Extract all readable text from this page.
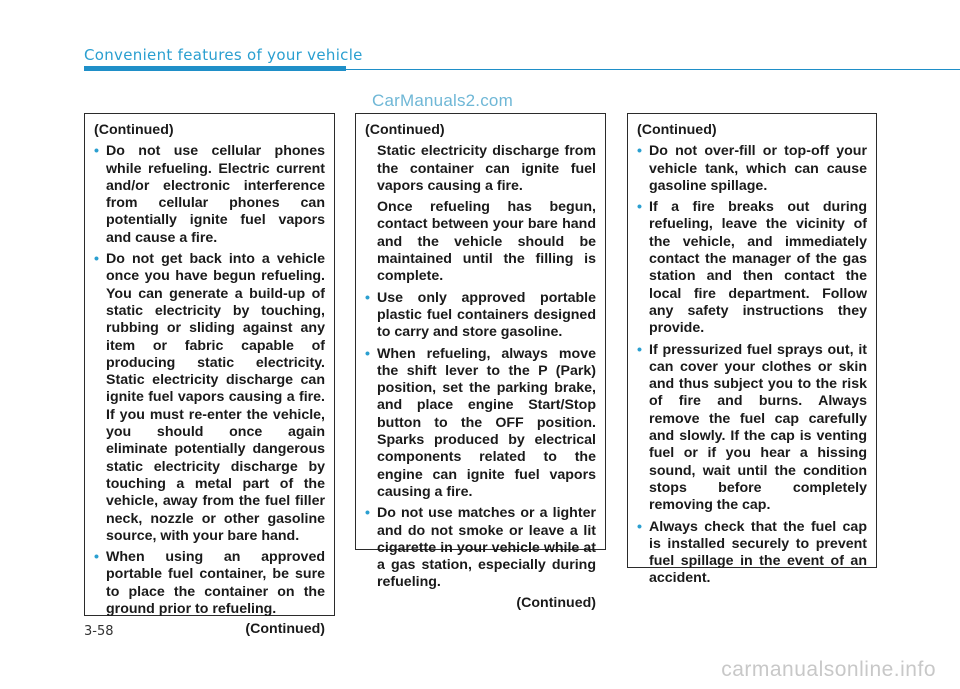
Convenient features of your vehicle
CarManuals2.com
(Continued)
• Do not use cellular phones while refueling. Electric current and/or electronic interference from cellular phones can potentially ignite fuel vapors and cause a fire.
• Do not get back into a vehicle once you have begun refueling. You can generate a build-up of static electricity by touching, rubbing or sliding against any item or fabric capable of producing static electricity. Static electricity discharge can ignite fuel vapors causing a fire. If you must re-enter the vehicle, you should once again eliminate potentially dangerous static electricity discharge by touching a metal part of the vehicle, away from the fuel filler neck, nozzle or other gasoline source, with your bare hand.
• When using an approved portable fuel container, be sure to place the container on the ground prior to refueling.
(Continued)
(Continued)
Static electricity discharge from the container can ignite fuel vapors causing a fire.
Once refueling has begun, contact between your bare hand and the vehicle should be maintained until the filling is complete.
• Use only approved portable plastic fuel containers designed to carry and store gasoline.
• When refueling, always move the shift lever to the P (Park) position, set the parking brake, and place engine Start/Stop button to the OFF position. Sparks produced by electrical components related to the engine can ignite fuel vapors causing a fire.
• Do not use matches or a lighter and do not smoke or leave a lit cigarette in your vehicle while at a gas station, especially during refueling.
(Continued)
(Continued)
• Do not over-fill or top-off your vehicle tank, which can cause gasoline spillage.
• If a fire breaks out during refueling, leave the vicinity of the vehicle, and immediately contact the manager of the gas station and then contact the local fire department. Follow any safety instructions they provide.
• If pressurized fuel sprays out, it can cover your clothes or skin and thus subject you to the risk of fire and burns. Always remove the fuel cap carefully and slowly. If the cap is venting fuel or if you hear a hissing sound, wait until the condition stops before completely removing the cap.
• Always check that the fuel cap is installed securely to prevent fuel spillage in the event of an accident.
3-58
carmanualsonline.info
